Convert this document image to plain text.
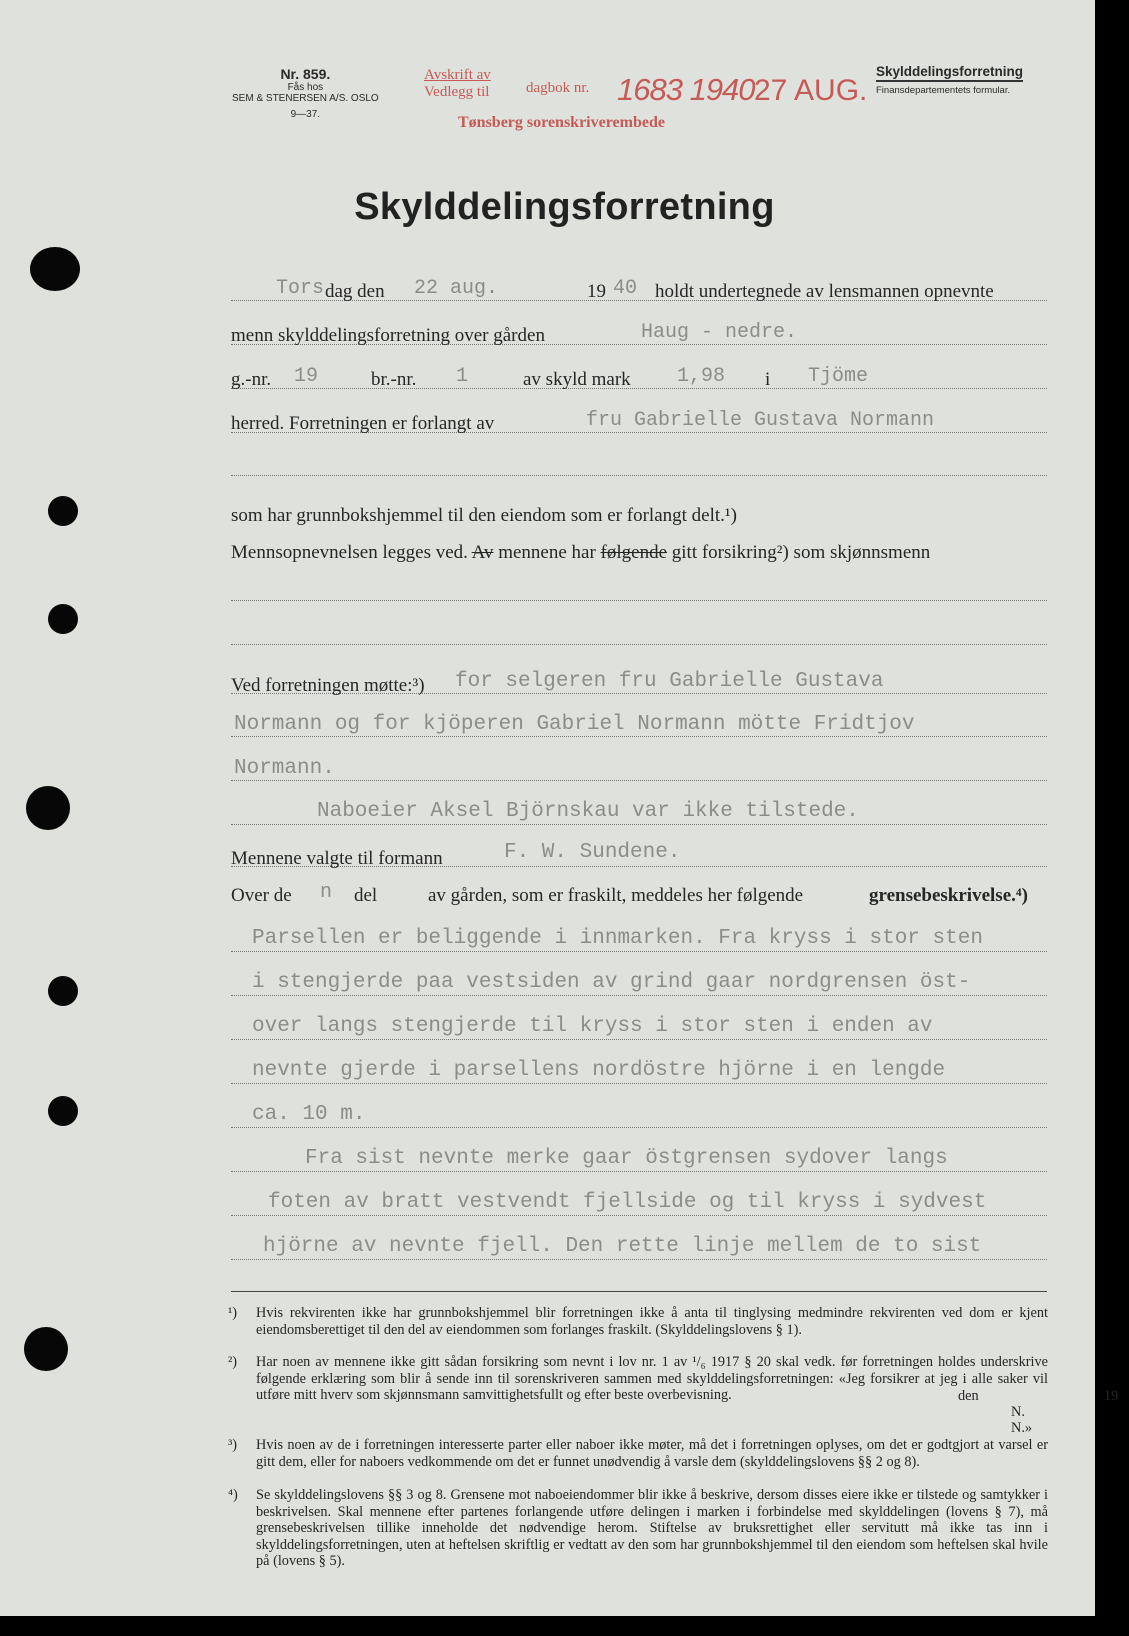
Nr. 859.
Fås hos
SEM & STENERSEN A/S. OSLO
9—37.
Avskrift av
Vedlegg til dagbok nr. 1683 1940 27 AUG.
Tønsberg sorenskriverembede
Skylddelingsforretning
Finansdepartementets formular.
Skylddelingsforretning
Tors dag den 22 aug.	19 40 holdt undertegnede av lensmannen opnevnte
menn skylddelingsforretning over gården	Haug - nedre.
g.-nr. 19	br.-nr. 1	av skyld mark 1,98 i Tjöme
herred. Forretningen er forlangt av	fru Gabrielle Gustava Normann
som har grunnbokshjemmel til den eiendom som er forlangt delt.¹)
Mennsopnevnelsen legges ved. Av mennene har følgende gitt forsikring²) som skjønnsmenn
Ved forretningen møtte:³) for selgeren fru Gabrielle Gustava
Normann og for kjöperen Gabriel Normann mötte Fridtjov
Normann.
Naboeier Aksel Björnskau var ikke tilstede.
Mennene valgte til formann	F. W. Sundene.
Over de n del	av gården, som er fraskilt, meddeles her følgende	grensebeskrivelse.⁴)
Parsellen er beliggende i innmarken. Fra kryss i stor sten
i stengjerde paa vestsiden av grind gaar nordgrensen öst-
over langs stengjerde til kryss i stor sten i enden av
nevnte gjerde i parsellens nordöstre hjörne i en lengde
ca. 10 m.
Fra sist nevnte merke gaar östgrensen sydover langs
foten av bratt vestvendt fjellside og til kryss i sydvest
hjörne av nevnte fjell. Den rette linje mellem de to sist
¹) Hvis rekvirenten ikke har grunnbokshjemmel blir forretningen ikke å anta til tinglysing medmindre rekvirenten ved dom er kjent eiendomsberettiget til den del av eiendommen som forlanges fraskilt. (Skylddelingslovens § 1).
²) Har noen av mennene ikke gitt sådan forsikring som nevnt i lov nr. 1 av ¹/₆ 1917 § 20 skal vedk. før forretningen holdes underskrive følgende erklæring som blir å sende inn til sorenskriveren sammen med skylddelingsforretningen: «Jeg forsikrer at jeg i alle saker vil utføre mitt hverv som skjønnsmann samvittighetsfullt og efter beste overbevisning.	den	19
N. N.»
³) Hvis noen av de i forretningen interesserte parter eller naboer ikke møter, må det i forretningen oplyses, om det er godtgjort at varsel er gitt dem, eller for naboers vedkommende om det er funnet unødvendig å varsle dem (skylddelingslovens §§ 2 og 8).
⁴) Se skylddelingslovens §§ 3 og 8. Grensene mot naboeiendommer blir ikke å beskrive, dersom disses eiere ikke er tilstede og samtykker i beskrivelsen. Skal mennene efter partenes forlangende utføre delingen i marken i forbindelse med skylddelingen (lovens § 7), må grensebeskrivelsen tillike inneholde det nødvendige herom. Stiftelse av bruksrettighet eller servitutt må ikke tas inn i skylddelingsforretningen, uten at heftelsen skriftlig er vedtatt av den som har grunnbokshjemmel til den eiendom som heftelsen skal hvile på (lovens § 5).
